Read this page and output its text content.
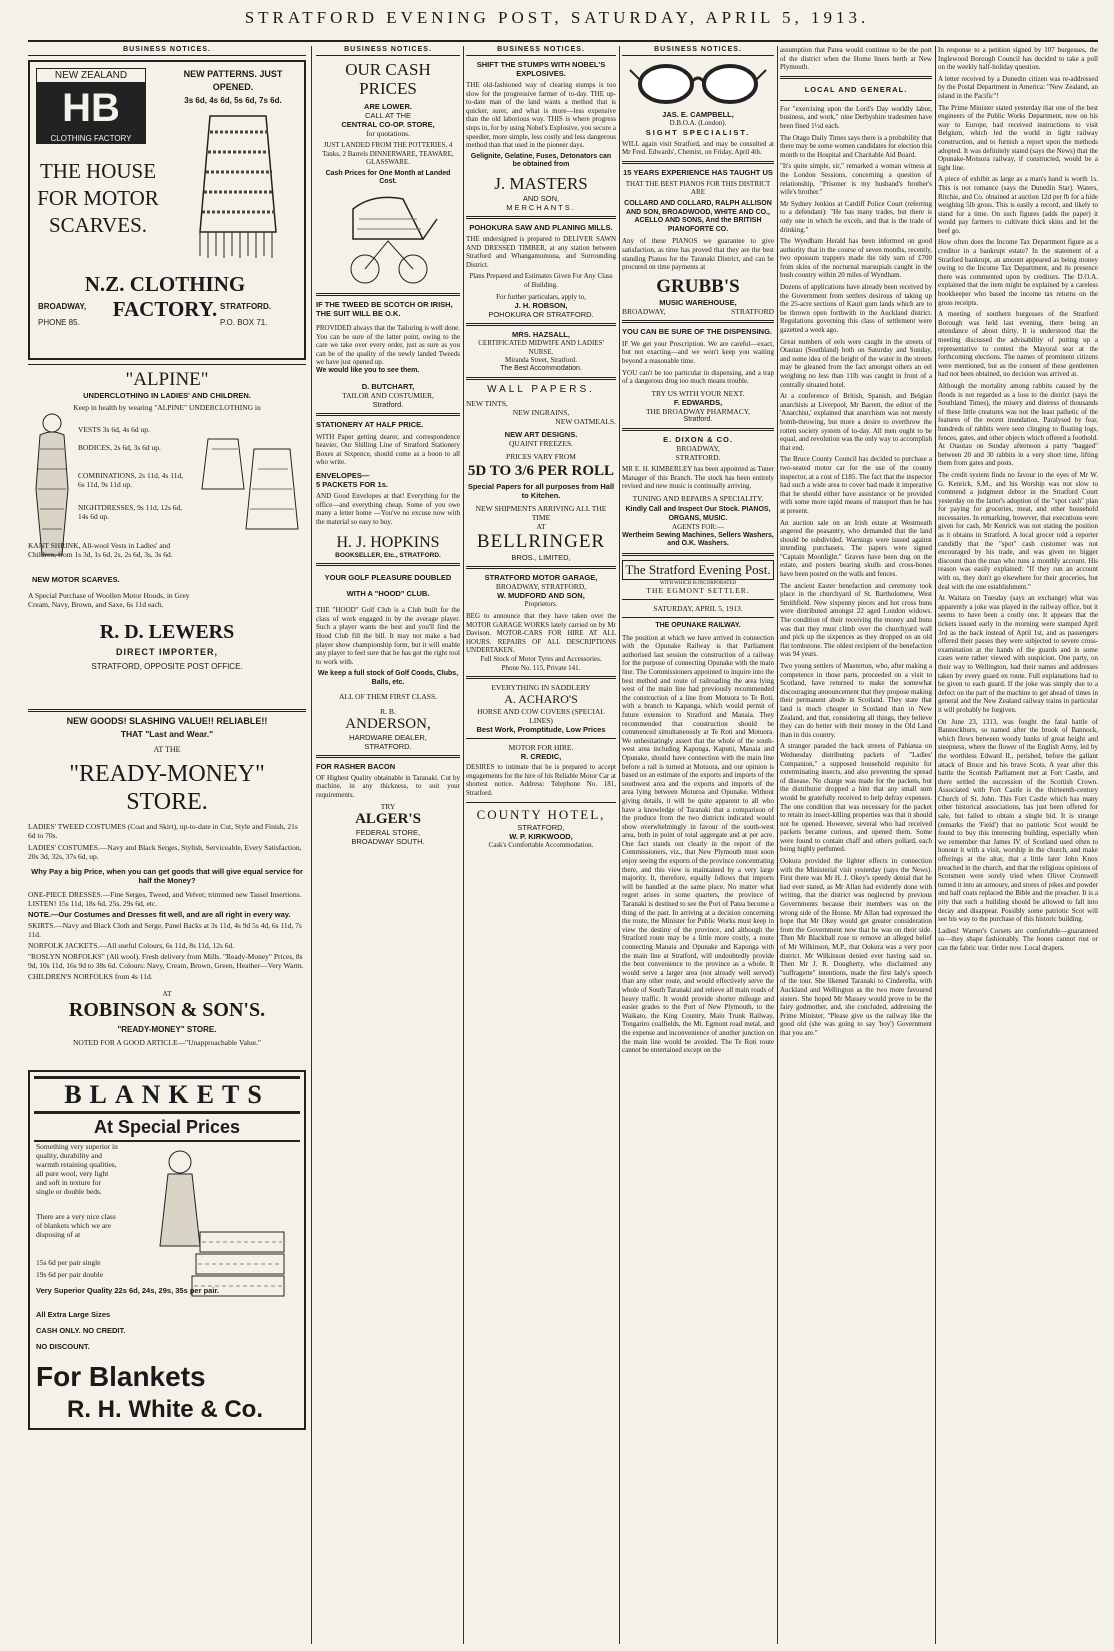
STRATFORD EVENING POST, SATURDAY, APRIL 5, 1913.
BUSINESS NOTICES.
NEW ZEALAND
HB
CLOTHING FACTORY
THE HOUSE FOR MOTOR SCARVES.
NEW PATTERNS. JUST OPENED.
3s 6d, 4s 6d, 5s 6d, 7s 6d.
N.Z. CLOTHING FACTORY.
BROADWAY,	STRATFORD.
PHONE 85.	P.O. BOX 71.
"ALPINE"
UNDERCLOTHING IN LADIES' AND CHILDREN.
Keep in health by wearing "ALPINE" UNDERCLOTHING in
VESTS 3s 6d, 4s 6d up.
BODICES, 2s 6d, 3s 6d up.
COMBINATIONS, 2s 11d, 4s 11d, 6s 11d, 9s 11d up.
NIGHTDRESSES, 9s 11d, 12s 6d, 14s 6d up.
KANT SHRINK, All-wool Vests in Ladies' and Children, from 1s 3d, 1s 6d, 2s, 2s 6d, 3s, 3s 6d.
NEW MOTOR SCARVES.
A Special Purchase of Woollen Motor Hoods, in Grey Cream, Navy, Brown, and Saxe, 6s 11d each.
R. D. LEWERS
DIRECT IMPORTER,
STRATFORD, OPPOSITE POST OFFICE.
NEW GOODS! SLASHING VALUE!! RELIABLE!!
THAT "Last and Wear."
AT THE
"READY-MONEY" STORE.
LADIES' TWEED COSTUMES (Coat and Skirt), up-to-date in Cut, Style and Finish, 21s 6d to 70s.
LADIES' COSTUMES.—Navy and Black Serges, Stylish, Serviceable, Every Satisfaction, 20s 3d, 32s, 37s 6d, up.
Why Pay a big Price, when you can get goods that will give equal service for half the Money?
ONE-PIECE DRESSES.—Fine Serges, Tweed, and Velvet; trimmed new Tassel Insertions. LISTEN! 15s 11d, 18s 6d, 25s, 29s 6d, etc.
NOTE.—Our Costumes and Dresses fit well, and are all right in every way.
SKIRTS.—Navy and Black Cloth and Serge, Panel Backs at 3s 11d, 4s 9d 5s 4d, 6s 11d, 7s 11d.
NORFOLK JACKETS.—All useful Colours, 6s 11d, 8s 11d, 12s 6d.
"ROSLYN NORFOLKS" (All wool). Fresh delivery from Mills. "Ready-Money" Prices, 8s 9d, 10s 11d, 16s 9d to 38s 6d. Colours: Navy, Cream, Brown, Green, Heather—Very Warm.
CHILDREN'S NORFOLKS from 4s 11d.
AT
ROBINSON & SON'S.
"READY-MONEY" STORE.
NOTED FOR A GOOD ARTICLE—"Unapproachable Value."
BLANKETS
At Special Prices
Something very superior in quality, durability and warmth retaining qualities, all pure wool, very light and soft in texture for single or double beds.
There are a very nice class of blankets which we are disposing of at
15s 6d per pair single
19s 6d per pair double
Very Superior Quality 22s 6d, 24s, 29s, 35s per pair.
All Extra Large Sizes
CASH ONLY. NO CREDIT.
NO DISCOUNT.
For Blankets
R. H. White & Co.
BUSINESS NOTICES.
OUR CASH PRICES
ARE LOWER.
CALL AT THE
CENTRAL CO-OP. STORE,
for quotations.
JUST LANDED FROM THE POTTERIES, 4 Tanks, 2 Barrels DINNERWARE, TEAWARE, GLASSWARE.
Cash Prices for One Month at Landed Cost.
IF THE TWEED BE SCOTCH OR IRISH, THE SUIT WILL BE O.K.
PROVIDED always that the Tailoring is well done. You can be sure of the latter point, owing to the care we take over every order, just as sure as you can be of the quality of the newly landed Tweeds we have just opened up.
We would like you to see them.
D. BUTCHART,
TAILOR AND COSTUMIER,
Stratford.
STATIONERY AT HALF PRICE.
WITH Paper getting dearer, and correspondence heavier, Our Shilling Line of Stratford Stationery Boxes at Sixpence, should come as a boon to all who write.
ENVELOPES—
5 PACKETS FOR 1s.
AND Good Envelopes at that! Everything for the office—and everything cheap. Some of you owe many a letter home —You've no excuse now with the material so easy to buy.
H. J. HOPKINS
BOOKSELLER, Etc., STRATFORD.
YOUR GOLF PLEASURE DOUBLED WITH A "HOOD" CLUB.
THE "HOOD" Golf Club is a Club built for the class of work engaged in by the average player. Such a player wants the best and you'll find the Hood Club fill the bill. It may not make a bad player show championship form, but it will enable any player to feel sure that he has got the right tool to work with.
We keep a full stock of Golf Coods, Clubs, Balls, etc.
ALL OF THEM FIRST CLASS.
R. B.
ANDERSON,
HARDWARE DEALER,
STRATFORD.
FOR RASHER BACON
OF Highest Quality obtainable in Taranaki. Cut by machine, in any thickness, to suit your requirements.
TRY
ALGER'S
FEDERAL STORE,
BROADWAY SOUTH.
BUSINESS NOTICES.
SHIFT THE STUMPS WITH NOBEL'S EXPLOSIVES.
THE old-fashioned way of clearing stumps is too slow for the progressive farmer of to-day. THE up-to-date man of the land wants a method that is quicker, surer, and what is more—less expensive than the old laborious way. THIS is where progress steps in, for by using Nobel's Explosive, you secure a speedier, more simple, less costly and less dangerous method than that used in the pioneer days.
Gelignite, Gelatine, Fuses, Detonators can be obtained from
J. MASTERS
AND SON,
MERCHANTS.
POHOKURA SAW AND PLANING MILLS.
THE undersigned is prepared to DELIVER SAWN AND DRESSED TIMBER, at any station between Stratford and Whangamomona, and Surrounding District.
Plans Prepared and Estimates Given For Any Class of Building.
For further particulars, apply to,
J. H. ROBSON,
POHOKURA OR STRATFORD.
MRS. HAZSALL,
CERTIFICATED MIDWIFE AND LADIES' NURSE.
Miranda Street, Stratford.
The Best Accommodation.
WALL PAPERS.
NEW TINTS,
NEW INGRAINS,
NEW OATMEALS.
NEW ART DESIGNS.
QUAINT FREEZES.
PRICES VARY FROM
5D TO 3/6 PER ROLL
Special Papers for all purposes from Hall to Kitchen.
NEW SHIPMENTS ARRIVING ALL THE TIME
AT
BELLRINGER
BROS., LIMITED,
STRATFORD MOTOR GARAGE,
BROADWAY, STRATFORD,
W. MUDFORD AND SON,
Proprietors.
BEG to announce that they have taken over the MOTOR GARAGE WORKS lately carried on by Mr Davison. MOTOR-CARS FOR HIRE AT ALL HOURS. REPAIRS OF ALL DESCRIPTIONS UNDERTAKEN.
Full Stock of Motor Tyres and Accessories.
Phone No. 115, Private 141.
EVERYTHING IN SADDLERY
A. ACHARO'S
HORSE AND COW COVERS (SPECIAL LINES)
Best Work, Promptitude, Low Prices
MOTOR FOR HIRE.
R. CREDIC,
DESIRES to intimate that he is prepared to accept engagements for the hire of his Reliable Motor Car at shortest notice. Address: Telephone No. 181, Stratford.
COUNTY HOTEL,
STRATFORD,
W. P. KIRKWOOD,
Cask's Comfortable Accommodation.
BUSINESS NOTICES.
JAS. E. CAMPBELL,
D.B.O.A. (London).
SIGHT SPECIALIST.
WILL again visit Stratford, and may be consulted at Mr Fred. Edwards', Chemist, on Friday, April 4th.
15 YEARS EXPERIENCE HAS TAUGHT US
THAT THE BEST PIANOS FOR THIS DISTRICT ARE
COLLARD AND COLLARD, RALPH ALLISON AND SON, BROADWOOD, WHITE AND CO., ACELLO AND SONS, And the BRITISH PIANOFORTE CO.
Any of these PIANOS we guarantee to give satisfaction, as time has proved that they are the best standing Pianos for the Taranaki District, and can be procured on time payments at
GRUBB'S
MUSIC WAREHOUSE,
BROADWAY,	STRATFORD
YOU CAN BE SURE OF THE DISPENSING.
IF We get your Prescription. We are careful—exact, but not exacting—and we won't keep you waiting beyond a reasonable time.
YOU can't be too particular in dispensing, and a trap of a dangerous drug too much means trouble.
TRY US WITH YOUR NEXT.
F. EDWARDS,
THE BROADWAY PHARMACY,
Stratford.
E. DIXON & CO.
BROADWAY,
STRATFORD.
MR E. H. KIMBERLEY has been appointed as Tuner Manager of this Branch. The stock has been entirely revised and new music is continually arriving.
TUNING AND REPAIRS A SPECIALITY.
Kindly Call and Inspect Our Stock. PIANOS, ORGANS, MUSIC.
AGENTS FOR:—
Wertheim Sewing Machines, Sellers Washers, and O.K. Washers.
The Stratford Evening Post.
WITH WHICH IS INCORPORATED
THE EGMONT SETTLER.
SATURDAY, APRIL 5, 1913.
THE OPUNAKE RAILWAY.
The position at which we have arrived in connection with the Opunake Railway is that Parliament authorised last session the construction of a railway for the purpose of connecting Opunake with the main line. The Commissioners appointed to inquire into the best method and route of railroading the area lying west of the main line had previously recommended the construction of a line from Motuora to Te Roti, with a branch to Kapanga, which would permit of future extension to Stratford and Manaia. They recommended that construction should be commenced simultaneously at Te Roti and Motuora. We unhesitatingly assert that the whole of the south-west area including Kaponga, Kapuni, Manaia and Opunake, should have connection with the main line before a rail is turned at Motuora, and our opinion is based on an estimate of the exports and imports of the southwest area and the exports and imports of the area lying between Moturoa and Opunake. Without giving details, it will be quite apparent to all who have a knowledge of Taranaki that a comparison of the produce from the two districts indicated would show overwhelmingly in favour of the south-west area, both in point of total aggregate and at per acre. One fact stands out clearly in the report of the Commissioners, viz., that New Plymouth must soon enjoy seeing the exports of the province concentrating there, and this view is maintained by a very large majority. It, therefore, equally follows that imports will be handled at the same place. No matter what regret arises in some quarters, the province of Taranaki is destined to see the Port of Patea become a thing of the past. In arriving at a decision concerning the route, the Minister for Public Works must keep in view the destiny of the province, and although the Stratford route may be a little more costly, a route connecting Manaia and Opunake and Kaponga with the main line at Stratford, will undoubtedly provide the best convenience to the province as a whole. It would serve a larger area (not already well served) than any other route, and would effectively serve the whole of South Taranaki and relieve all main roads of heavy traffic. It would provide shorter mileage and easier grades to the Port of New Plymouth, to the Waikato, the King Country, Main Trunk Railway, Tongariro coalfields, the Mt. Egmont road metal, and the expense and inconvenience of another junction on the main line would be avoided. The Te Roti route cannot be entertained except on the
assumption that Patea would continue to be the port of the district when the Home liners berth at New Plymouth.
LOCAL AND GENERAL.
For "exercising upon the Lord's Day worldly labor, business, and work," nine Derbyshire tradesmen have been fined 1½d each.
The Otago Daily Times says there is a probability that there may be some women candidates for election this month to the Hospital and Charitable Aid Board.
"It's quite simple, sir," remarked a woman witness at the London Sessions, concerning a question of relationship, "Prisoner is my husband's brother's wife's brother."
Mr Sydney Jenkins at Cardiff Police Court (referring to a defendant): "He has many trades, but there is only one in which he excels, and that is the trade of drinking."
The Wyndham Herald has been informed on good authority that in the course of seven months, recently, two opossum trappers made the tidy sum of £700 from skins of the nocturnal marsupials caught in the bush country within 20 miles of Wyndham.
Dozens of applications have already been received by the Government from settlers desirous of taking up the 25-acre sections of Kauri gum lands which are to be thrown open forthwith in the Auckland district. Regulations governing this class of settlement were gazetted a week ago.
Great numbers of eels were caught in the streets of Otautau (Southland) both on Saturday and Sunday, and some idea of the height of the water in the streets may be gleaned from the fact amongst others an eel weighing no less than 11lb was caught in front of a centrally situated hotel.
At a conference of British, Spanish, and Belgian anarchists at Liverpool, Mr Barrett, the editor of the 'Anarchist,' explained that anarchism was not merely bomb-throwing, but more a desire to overthrow the rotten society system of to-day. All men ought to be equal, and revolution was the only way to accomplish that end.
The Bruce County Council has decided to purchase a two-seated motor car for the use of the county inspector, at a cost of £185. The fact that the inspector had such a wide area to cover had made it imperative that he should either have assistance or be provided with some more rapid means of transport than he has at present.
An auction sale on an Irish estate at Westmeath angered the peasantry, who demanded that the land should be subdivided. Warnings were issued against intending purchasers. The papers were signed "Captain Moonlight." Graves have been dug on the estate, and posters bearing skulls and cross-bones have been posted on the walls and fences.
The ancient Easter benefaction and ceremony took place in the churchyard of St. Bartholomew, West Smithfield. New sixpenny pieces and hot cross buns were distributed amongst 22 aged London widows. The condition of their receiving the money and buns was that they must climb over the churchyard wall and pick up the sixpences as they dropped on an old flat tombstone. The oldest recipient of the benefaction was 94 years.
Two young settlers of Masterton, who, after making a competence in those parts, proceeded on a visit to Scotland, have returned to make the somewhat discouraging announcement that they propose making their permanent abode in Scotland. They state that land is much cheaper in Scotland than in New Zealand, and that, considering all things, they believe they can do better with their money in the Old Land than in this country.
A stranger paraded the back streets of Pahiatua on Wednesday distributing packets of "Ladies' Companion," a supposed household requisite for exterminating insects, and also preventing the spread of disease. No charge was made for the packets, but the distributor dropped a hint that any small sum would be gratefully received to help defray expenses. The one condition that was necessary for the packet to retain its insect-killing properties was that it should not be opened. However, several who had received packets became curious, and opened them. Some were found to contain chaff and others pollard, each being highly perfumed.
Ookura provided the lighter effects in connection with the Ministerial visit yesterday (says the News). First there was Mr H. J. Okey's speedy denial that he had ever stated, as Mr Allan had evidently done with writing, that the district was neglected by previous Governments because their members was on the wrong side of the House. Mr Allan had expressed the hope that Mr Okey would get greater consideration from the Government now that he was on their side. Then Mr Blackball rose to remove an alleged belief of Mr Wilkinson, M.P., that Ookura was a very poor district. Mr Wilkinson denied ever having said so. Then Mr J. R. Dougherty, who disclaimed any "suffragette" intentions, made the first lady's speech of the tour. She likened Taranaki to Cinderella, with Auckland and Wellington as the two more favoured sisters. She hoped Mr Massey would prove to be the fairy godmother, and, she concluded, addressing the Prime Minister, "Please give us the railway like the good old (she was going to say 'boy') Government that you are."
In response to a petition signed by 107 burgesses, the Inglewood Borough Council has decided to take a poll on the weekly half-holiday question.
A letter received by a Dunedin citizen was re-addressed by the Postal Department in America: "New Zealand, an island in the Pacific"!
The Prime Minister stated yesterday that one of the best engineers of the Public Works Department, now on his way to Europe, had received instructions to visit Belgium, which led the world in light railway construction, and to furnish a report upon the methods adopted. It was definitely stated (says the News) that the Opunake-Motuora railway, if constructed, would be a light line.
A piece of exhibit as large as a man's hand is worth 1s. This is not romance (says the Dunedin Star). Waters, Ritchie, and Co. obtained at auction 12d per lb for a hide weighing 5lb gross. This is easily a record, and likely to stand for a time. On such figures (adds the paper) it would pay farmers to cultivate thick skins and let the beef go.
How often does the Income Tax Department figure as a creditor in a bankrupt estate? In the statement of a Stratford bankrupt, an amount appeared as being money owing to the Income Tax Department, and its presence there was commented upon by creditors. The D.O.A. explained that the item might be explained by a careless bookkeeper who based the income tax returns on the gross receipts.
A meeting of southern burgesses of the Stratford Borough was held last evening, there being an attendance of about thirty. It is understood that the meeting discussed the advisability of putting up a representative to contest the Mayoral seat at the forthcoming elections. The names of prominent citizens were mentioned, but as the consent of these gentlemen had not been obtained, no decision was arrived at.
Although the mortality among rabbits caused by the floods is not regarded as a loss to the district (says the Southland Times), the misery and distress of thousands of these little creatures was not the least pathetic of the features of the recent inundation. Paralysed by fear, hundreds of rabbits were seen clinging to floating logs, fences, gates, and other objects which offered a foothold. At Otautau on Sunday afternoon a party "bagged" between 20 and 30 rabbits in a very short time, lifting them from gates and posts.
The credit system finds no favour in the eyes of Mr W. G. Kenrick, S.M., and his Worship was not slow to commend a judgment debtor in the Stratford Court yesterday on the latter's adoption of the "spot cash" plan for paying for groceries, meat, and other household necessaries. In remarking, however, that executions were given for cash, Mr Kenrick was not stating the position as it obtains in Stratford. A local grocer told a reporter candidly that the "spot" cash customer was not encouraged by his trade, and was given no bigger discount than the man who runs a monthly account. His reason was easily explained: "If they run an account with us, they don't go elsewhere for their groceries, but deal with the one establishment."
At Waitara on Tuesday (says an exchange) what was apparently a joke was played in the railway office, but it seems to have been a costly one. It appears that the tickets issued early in the morning were stamped April 3rd as the back instead of April 1st, and as passengers offered their passes they were subjected to severe cross-examination at the hands of the guards and in some cases were rather viewed with suspicion. One party, on their way to Wellington, had their names and addresses taken by every guard en route. Full explanations had to be given to each guard. If the joke was simply due to a defect on the part of the machine to get ahead of times in general and the New Zealand railway trains in particular it will probably be forgiven.
On June 23, 1313, was fought the fatal battle of Bannockburn, so named after the brook of Bannock, which flows between woody banks of great height and steepness, where the flower of the English Army, led by the worthless Edward II., perished, before the gallant attack of Bruce and his brave Scots. A year after this battle the Scottish Parliament met at Fort Castle, and there settled the succession of the Scottish Crown. Associated with Fort Castle is the thirteenth-century Church of St. John. This Fort Castle which has many other historical associations, has just been offered for sale, but failed to obtain a single bid. It is strange (remarks the 'Field') that no patriotic Scot would be found to buy this interesting building, especially when we remember that James IV. of Scotland used often to honour it with a visit, worship in the church, and make offerings at the altar, that a little later John Knox preached in the church, and that the religious opinions of Scotsmen were sorely tried when Oliver Cromwell turned it into an armoury, and stores of pikes and powder and half coats replaced the Bible and the preacher. It is a pity that such a building should be allowed to fall into decay and disappear. Possibly some patriotic Scot will see his way to the purchase of this historic building.
Ladies! Warner's Corsets are comfortable—guaranteed so—they shape fashionably. The bones cannot rust or can the fabric tear. Order now. Local drapers.
